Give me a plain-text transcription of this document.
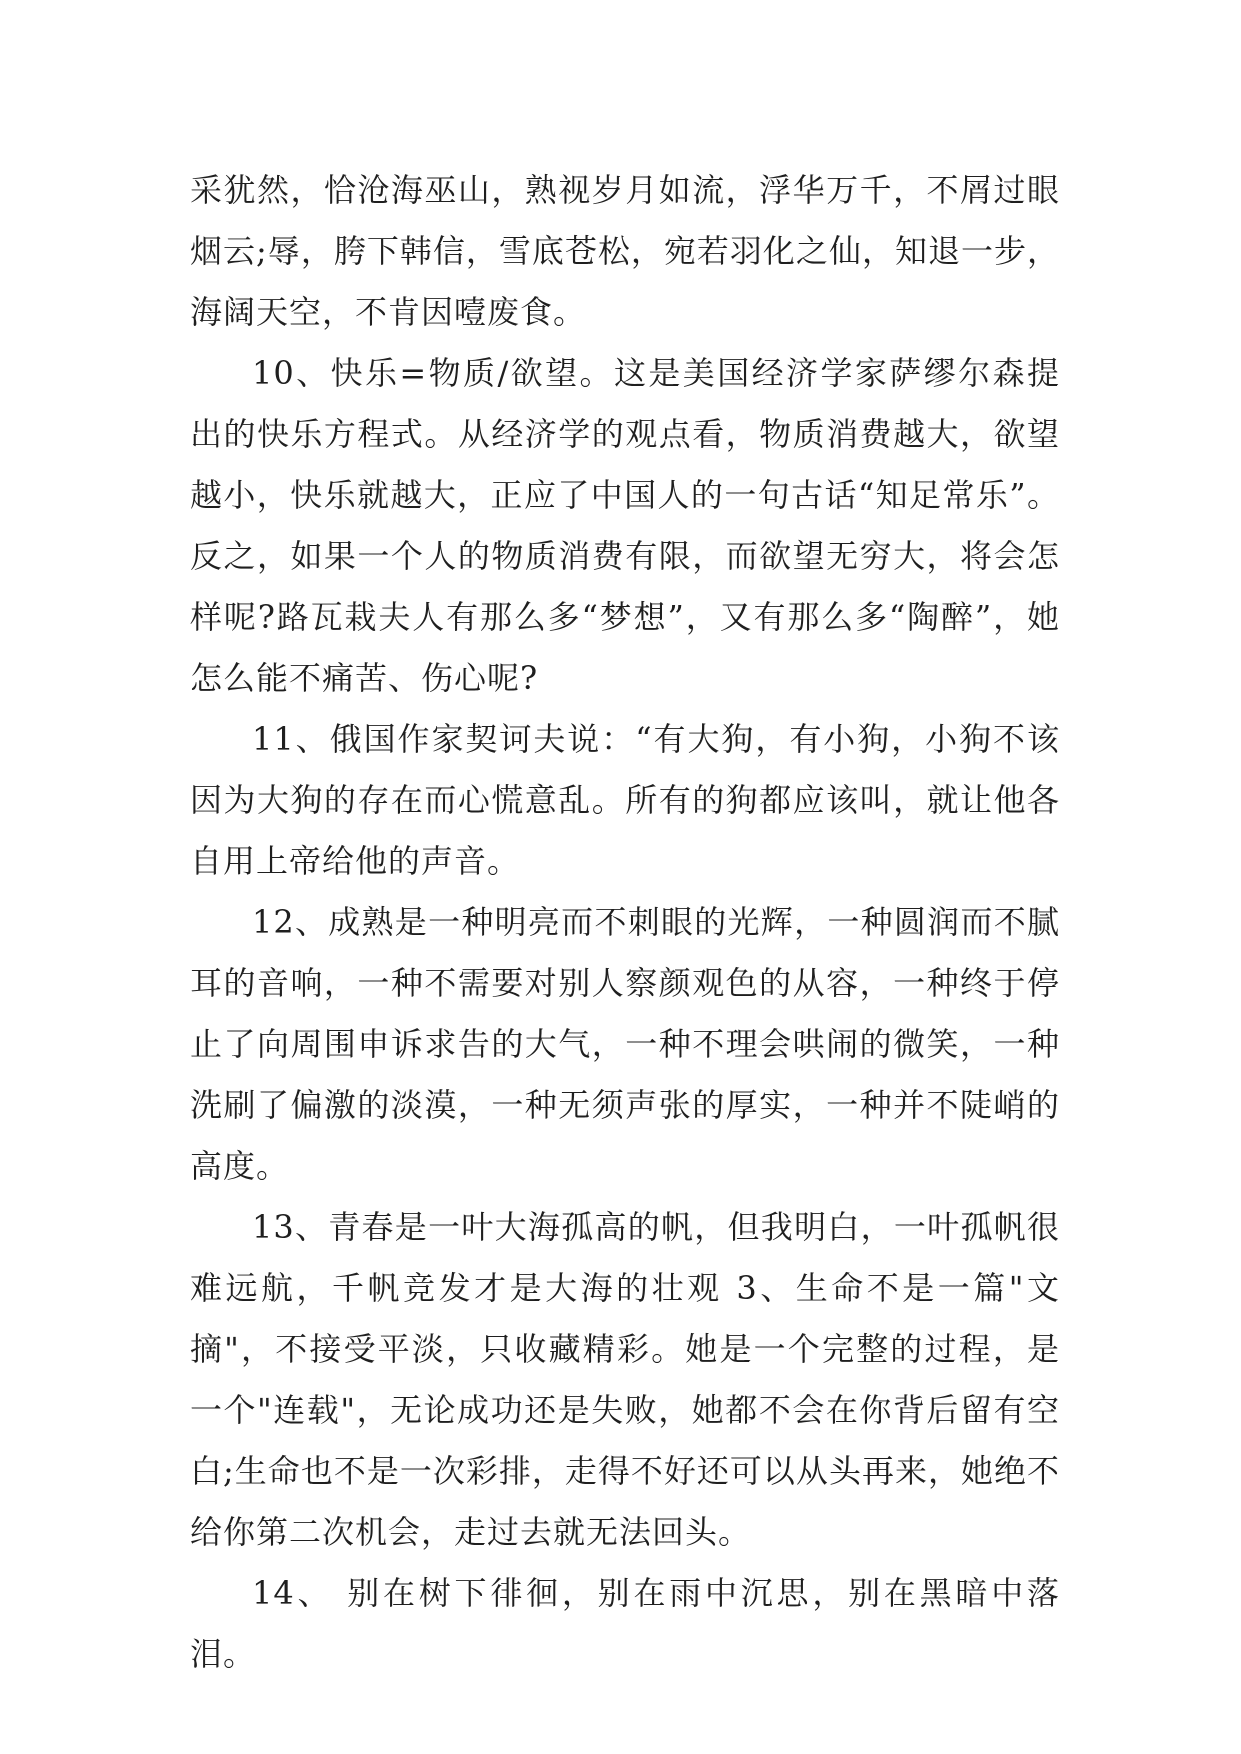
采犹然，恰沧海巫山，熟视岁月如流，浮华万千，不屑过眼烟云;辱，胯下韩信，雪底苍松，宛若羽化之仙，知退一步，海阔天空，不肯因噎废食。

10、快乐=物质/欲望。这是美国经济学家萨缪尔森提出的快乐方程式。从经济学的观点看，物质消费越大，欲望越小，快乐就越大，正应了中国人的一句古话“知足常乐”。反之，如果一个人的物质消费有限，而欲望无穷大，将会怎样呢?路瓦栽夫人有那么多“梦想”，又有那么多“陶醉”，她怎么能不痛苦、伤心呢?

11、俄国作家契诃夫说：“有大狗，有小狗，小狗不该因为大狗的存在而心慌意乱。所有的狗都应该叫，就让他各自用上帝给他的声音。

12、成熟是一种明亮而不刺眼的光辉，一种圆润而不腻耳的音响，一种不需要对别人察颜观色的从容，一种终于停止了向周围申诉求告的大气，一种不理会哄闹的微笑，一种洗刷了偏激的淡漠，一种无须声张的厚实，一种并不陡峭的高度。

13、青春是一叶大海孤高的帆，但我明白，一叶孤帆很难远航，千帆竞发才是大海的壮观 3、生命不是一篇"文摘"，不接受平淡，只收藏精彩。她是一个完整的过程，是一个"连载"，无论成功还是失败，她都不会在你背后留有空白;生命也不是一次彩排，走得不好还可以从头再来，她绝不给你第二次机会，走过去就无法回头。

14、 别在树下徘徊，别在雨中沉思，别在黑暗中落泪。
